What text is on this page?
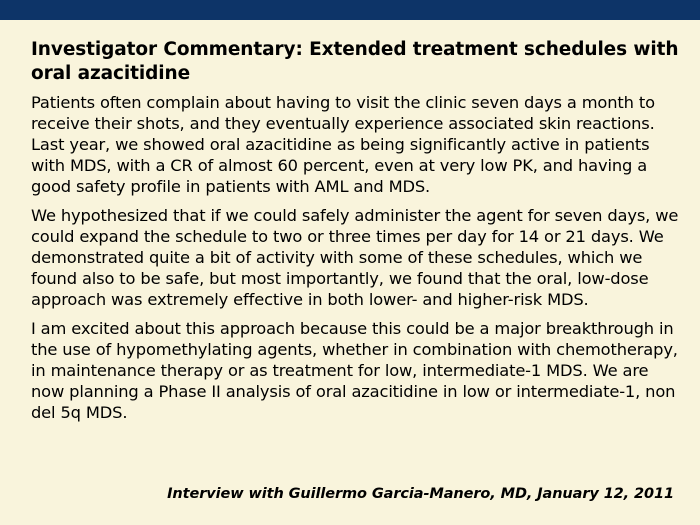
Investigator Commentary: Extended treatment schedules with oral azacitidine

Patients often complain about having to visit the clinic seven days a month to receive their shots, and they eventually experience associated skin reactions. Last year, we showed oral azacitidine as being significantly active in patients with MDS, with a CR of almost 60 percent, even at very low PK, and having a good safety profile in patients with AML and MDS.

We hypothesized that if we could safely administer the agent for seven days, we could expand the schedule to two or three times per day for 14 or 21 days. We demonstrated quite a bit of activity with some of these schedules, which we found also to be safe, but most importantly, we found that the oral, low-dose approach was extremely effective in both lower- and higher-risk MDS.

I am excited about this approach because this could be a major breakthrough in the use of hypomethylating agents, whether in combination with chemotherapy, in maintenance therapy or as treatment for low, intermediate-1 MDS. We are now planning a Phase II analysis of oral azacitidine in low or intermediate-1, non del 5q MDS.

Interview with Guillermo Garcia-Manero, MD, January 12, 2011
